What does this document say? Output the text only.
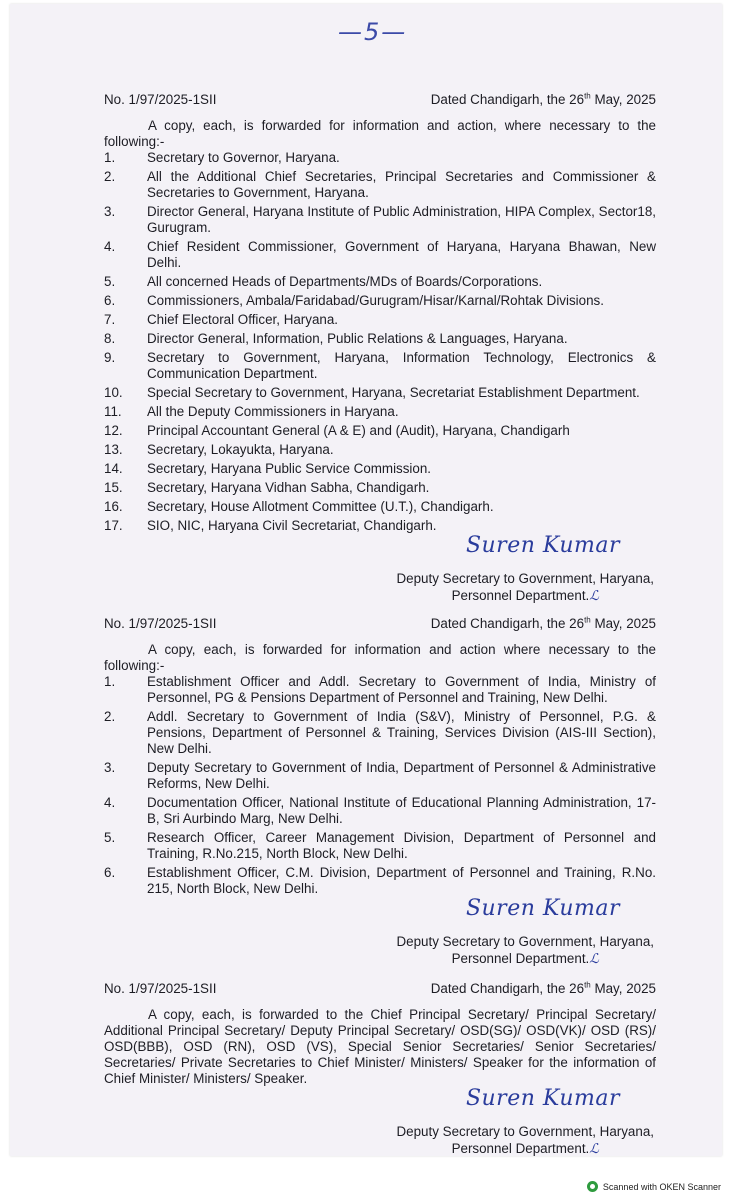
—5—
No. 1/97/2025-1SII	Dated Chandigarh, the 26th May, 2025

A copy, each, is forwarded for information and action, where necessary to the following:-

1.	Secretary to Governor, Haryana.
2.	All the Additional Chief Secretaries, Principal Secretaries and Commissioner & Secretaries to Government, Haryana.
3.	Director General, Haryana Institute of Public Administration, HIPA Complex, Sector18, Gurugram.
4.	Chief Resident Commissioner, Government of Haryana, Haryana Bhawan, New Delhi.
5.	All concerned Heads of Departments/MDs of Boards/Corporations.
6.	Commissioners, Ambala/Faridabad/Gurugram/Hisar/Karnal/Rohtak Divisions.
7.	Chief Electoral Officer, Haryana.
8.	Director General, Information, Public Relations & Languages, Haryana.
9.	Secretary to Government, Haryana, Information Technology, Electronics & Communication Department.
10.	Special Secretary to Government, Haryana, Secretariat Establishment Department.
11.	All the Deputy Commissioners in Haryana.
12.	Principal Accountant General (A & E) and (Audit), Haryana, Chandigarh
13.	Secretary, Lokayukta, Haryana.
14.	Secretary, Haryana Public Service Commission.
15.	Secretary, Haryana Vidhan Sabha, Chandigarh.
16.	Secretary, House Allotment Committee (U.T.), Chandigarh.
17.	SIO, NIC, Haryana Civil Secretariat, Chandigarh.
Suren Kumar
Deputy Secretary to Government, Haryana,
Personnel Department.ℒ
No. 1/97/2025-1SII	Dated Chandigarh, the 26th May, 2025

A copy, each, is forwarded for information and action where necessary to the following:-

1.	Establishment Officer and Addl. Secretary to Government of India, Ministry of Personnel, PG & Pensions Department of Personnel and Training, New Delhi.
2.	Addl. Secretary to Government of India (S&V), Ministry of Personnel, P.G. & Pensions, Department of Personnel & Training, Services Division (AIS-III Section), New Delhi.
3.	Deputy Secretary to Government of India, Department of Personnel & Administrative Reforms, New Delhi.
4.	Documentation Officer, National Institute of Educational Planning Administration, 17-B, Sri Aurbindo Marg, New Delhi.
5.	Research Officer, Career Management Division, Department of Personnel and Training, R.No.215, North Block, New Delhi.
6.	Establishment Officer, C.M. Division, Department of Personnel and Training, R.No. 215, North Block, New Delhi.
Suren Kumar
Deputy Secretary to Government, Haryana,
Personnel Department.ℒ
No. 1/97/2025-1SII	Dated Chandigarh, the 26th May, 2025

A copy, each, is forwarded to the Chief Principal Secretary/ Principal Secretary/ Additional Principal Secretary/ Deputy Principal Secretary/ OSD(SG)/ OSD(VK)/ OSD (RS)/ OSD(BBB), OSD (RN), OSD (VS), Special Senior Secretaries/ Senior Secretaries/ Secretaries/ Private Secretaries to Chief Minister/ Ministers/ Speaker for the information of Chief Minister/ Ministers/ Speaker.

Suren Kumar
Deputy Secretary to Government, Haryana,
Personnel Department.ℒ
Scanned with OKEN Scanner
